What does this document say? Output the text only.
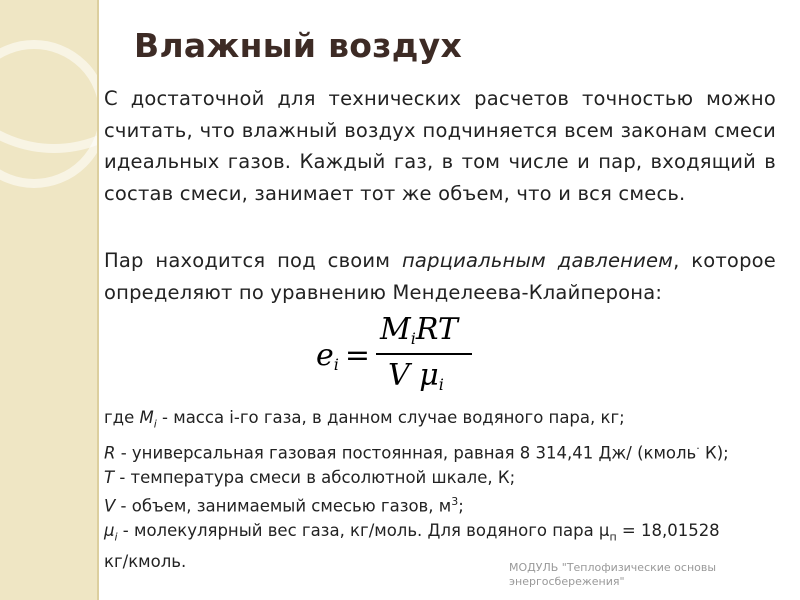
Влажный воздух
С достаточной для технических расчетов точностью можно считать, что влажный воздух подчиняется всем законам смеси идеальных газов. Каждый газ, в том числе и пар, входящий в состав смеси, занимает тот же объем, что и вся смесь.
Пар находится под своим парциальным давлением, которое определяют по уравнению Менделеева-Клайперона:
$e_i$ =
$M_iRT$
V $\mu_i$
где $M_i$ - масса i-го газа, в данном случае водяного пара, кг;
R - универсальная газовая постоянная, равная 8 314,41 Дж/ (кмоль· К);
T - температура смеси в абсолютной шкале, К;
V - объем, занимаемый смесью газов, $м^3$;
$\mu_i$ - молекулярный вес газа, кг/моль. Для водяного пара $\mu_п = 18,01528$
кг/кмоль.	МОДУЛЬ "Теплофизические основы энергосбережения"
